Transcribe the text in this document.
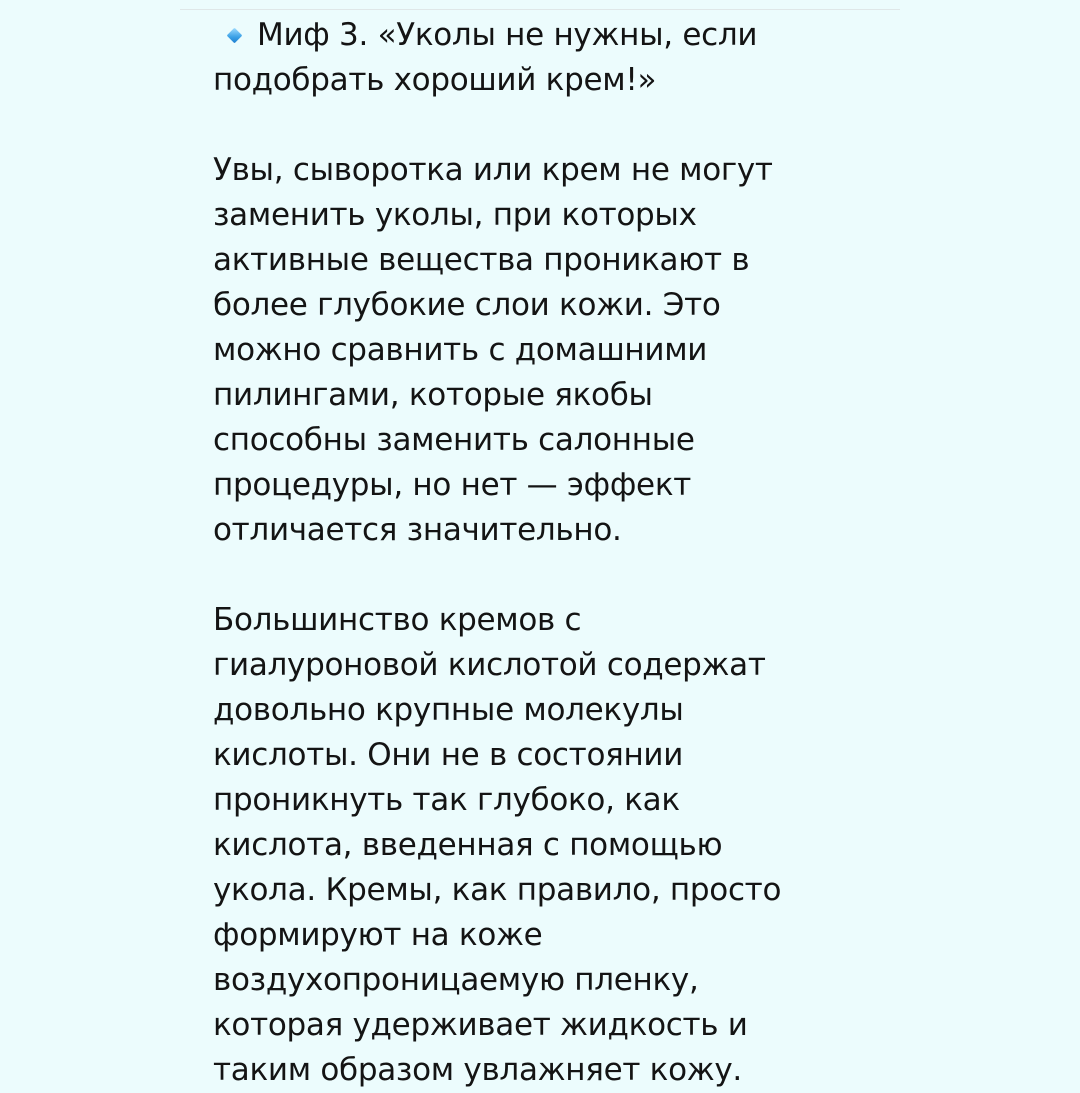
Миф 3. «Уколы не нужны, если
подобрать хороший крем!»
Увы, сыворотка или крем не могут
заменить уколы, при которых
активные вещества проникают в
более глубокие слои кожи. Это
можно сравнить с домашними
пилингами, которые якобы
способны заменить салонные
процедуры, но нет — эффект
отличается значительно.
Большинство кремов с
гиалуроновой кислотой содержат
довольно крупные молекулы
кислоты. Они не в состоянии
проникнуть так глубоко, как
кислота, введенная с помощью
укола. Кремы, как правило, просто
формируют на коже
воздухопроницаемую пленку,
которая удерживает жидкость и
таким образом увлажняет кожу.
